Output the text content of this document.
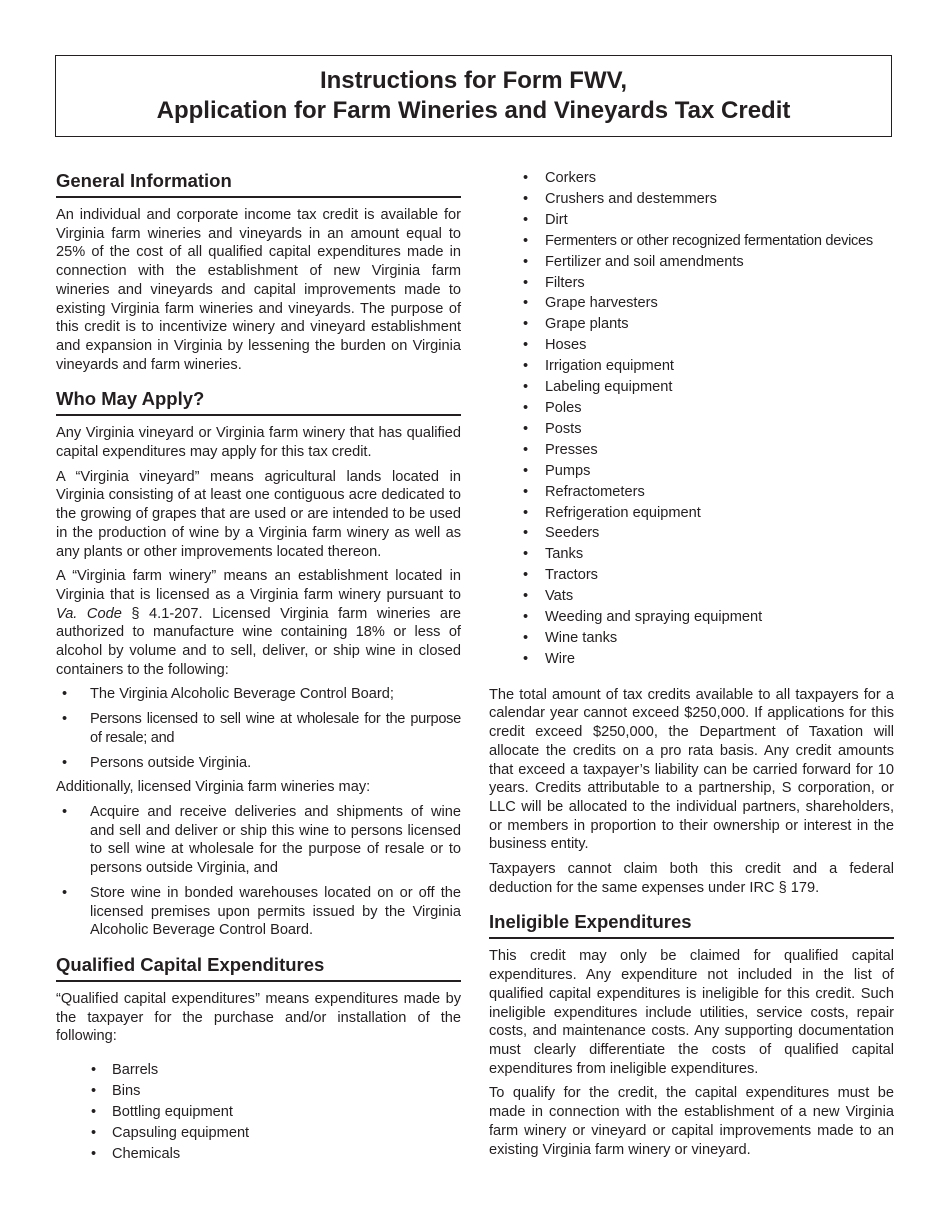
Instructions for Form FWV,
Application for Farm Wineries and Vineyards Tax Credit
General Information

An individual and corporate income tax credit is available for Virginia farm wineries and vineyards in an amount equal to 25% of the cost of all qualified capital expenditures made in connection with the establishment of new Virginia farm wineries and vineyards and capital improvements made to existing Virginia farm wineries and vineyards. The purpose of this credit is to incentivize winery and vineyard establishment and expansion in Virginia by lessening the burden on Virginia vineyards and farm wineries.

Who May Apply?

Any Virginia vineyard or Virginia farm winery that has qualified capital expenditures may apply for this tax credit.

A “Virginia vineyard” means agricultural lands located in Virginia consisting of at least one contiguous acre dedicated to the growing of grapes that are used or are intended to be used in the production of wine by a Virginia farm winery as well as any plants or other improvements located thereon.

A “Virginia farm winery” means an establishment located in Virginia that is licensed as a Virginia farm winery pursuant to Va. Code § 4.1-207. Licensed Virginia farm wineries are authorized to manufacture wine containing 18% or less of alcohol by volume and to sell, deliver, or ship wine in closed containers to the following:

• The Virginia Alcoholic Beverage Control Board;
• Persons licensed to sell wine at wholesale for the purpose of resale; and
• Persons outside Virginia.

Additionally, licensed Virginia farm wineries may:

• Acquire and receive deliveries and shipments of wine and sell and deliver or ship this wine to persons licensed to sell wine at wholesale for the purpose of resale or to persons outside Virginia, and
• Store wine in bonded warehouses located on or off the licensed premises upon permits issued by the Virginia Alcoholic Beverage Control Board.
Qualified Capital Expenditures

“Qualified capital expenditures” means expenditures made by the taxpayer for the purchase and/or installation of the following:

• Barrels
• Bins
• Bottling equipment
• Capsuling equipment
• Chemicals
• Corkers
• Crushers and destemmers
• Dirt
• Fermenters or other recognized fermentation devices
• Fertilizer and soil amendments
• Filters
• Grape harvesters
• Grape plants
• Hoses
• Irrigation equipment
• Labeling equipment
• Poles
• Posts
• Presses
• Pumps
• Refractometers
• Refrigeration equipment
• Seeders
• Tanks
• Tractors
• Vats
• Weeding and spraying equipment
• Wine tanks
• Wire

The total amount of tax credits available to all taxpayers for a calendar year cannot exceed $250,000. If applications for this credit exceed $250,000, the Department of Taxation will allocate the credits on a pro rata basis. Any credit amounts that exceed a taxpayer’s liability can be carried forward for 10 years. Credits attributable to a partnership, S corporation, or LLC will be allocated to the individual partners, shareholders, or members in proportion to their ownership or interest in the business entity.

Taxpayers cannot claim both this credit and a federal deduction for the same expenses under IRC § 179.

Ineligible Expenditures

This credit may only be claimed for qualified capital expenditures. Any expenditure not included in the list of qualified capital expenditures is ineligible for this credit. Such ineligible expenditures include utilities, service costs, repair costs, and maintenance costs. Any supporting documentation must clearly differentiate the costs of qualified capital expenditures from ineligible expenditures.

To qualify for the credit, the capital expenditures must be made in connection with the establishment of a new Virginia farm winery or vineyard or capital improvements made to an existing Virginia farm winery or vineyard.
